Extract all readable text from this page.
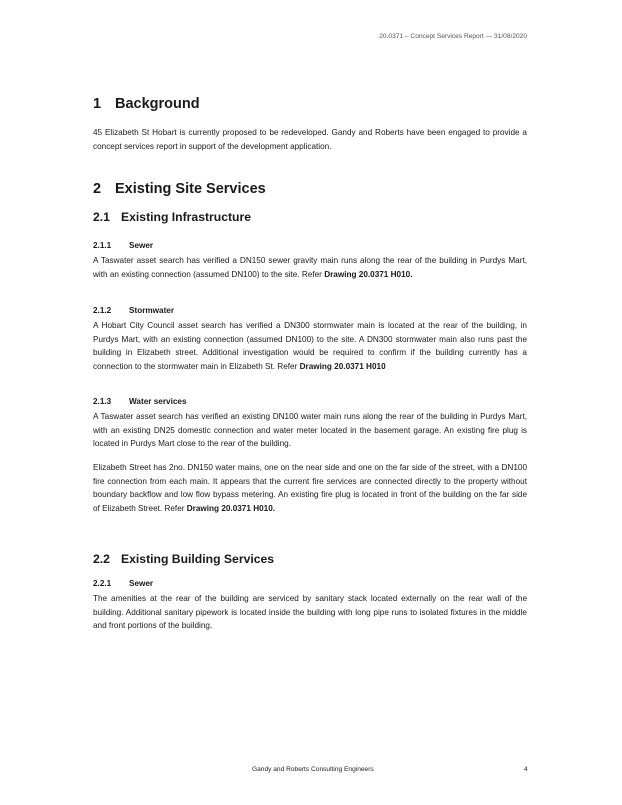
20.0371 – Concept Services Report — 31/08/2020
1 Background

45 Elizabeth St Hobart is currently proposed to be redeveloped. Gandy and Roberts have been engaged to provide a concept services report in support of the development application.

2 Existing Site Services
2.1 Existing Infrastructure
2.1.1 Sewer

A Taswater asset search has verified a DN150 sewer gravity main runs along the rear of the building in Purdys Mart, with an existing connection (assumed DN100) to the site. Refer Drawing 20.0371 H010.

2.1.2 Stormwater

A Hobart City Council asset search has verified a DN300 stormwater main is located at the rear of the building, in Purdys Mart, with an existing connection (assumed DN100) to the site. A DN300 stormwater main also runs past the building in Elizabeth street. Additional investigation would be required to confirm if the building currently has a connection to the stormwater main in Elizabeth St. Refer Drawing 20.0371 H010

2.1.3 Water services

A Taswater asset search has verified an existing DN100 water main runs along the rear of the building in Purdys Mart, with an existing DN25 domestic connection and water meter located in the basement garage. An existing fire plug is located in Purdys Mart close to the rear of the building.

Elizabeth Street has 2no. DN150 water mains, one on the near side and one on the far side of the street, with a DN100 fire connection from each main. It appears that the current fire services are connected directly to the property without boundary backflow and low flow bypass metering. An existing fire plug is located in front of the building on the far side of Elizabeth Street. Refer Drawing 20.0371 H010.

2.2 Existing Building Services
2.2.1 Sewer

The amenities at the rear of the building are serviced by sanitary stack located externally on the rear wall of the building. Additional sanitary pipework is located inside the building with long pipe runs to isolated fixtures in the middle and front portions of the building.

Gandy and Roberts Consulting Engineers	4
